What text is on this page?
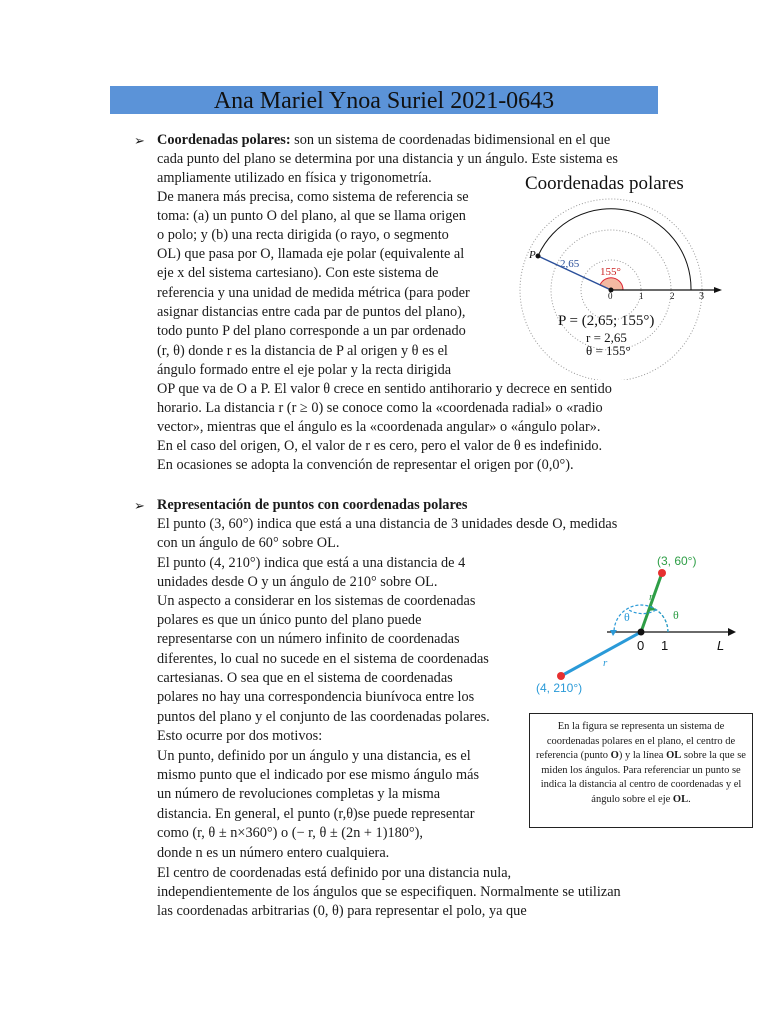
Ana Mariel Ynoa Suriel 2021-0643
➢ Coordenadas polares: son un sistema de coordenadas bidimensional en el que
cada punto del plano se determina por una distancia y un ángulo. Este sistema es
ampliamente utilizado en física y trigonometría.
De manera más precisa, como sistema de referencia se
toma: (a) un punto O del plano, al que se llama origen
o polo; y (b) una recta dirigida (o rayo, o segmento
OL) que pasa por O, llamada eje polar (equivalente al
eje x del sistema cartesiano). Con este sistema de
referencia y una unidad de medida métrica (para poder
asignar distancias entre cada par de puntos del plano),
todo punto P del plano corresponde a un par ordenado
(r, θ) donde r es la distancia de P al origen y θ es el
ángulo formado entre el eje polar y la recta dirigida
OP que va de O a P. El valor θ crece en sentido antihorario y decrece en sentido
horario. La distancia r (r ≥ 0) se conoce como la «coordenada radial» o «radio
vector», mientras que el ángulo es la «coordenada angular» o «ángulo polar».
En el caso del origen, O, el valor de r es cero, pero el valor de θ es indefinido.
En ocasiones se adopta la convención de representar el origen por (0,0°).
Coordenadas polares
P
2,65
155°
0	1	2 3
P = (2,65; 155°)
r = 2,65
θ = 155°
➢ Representación de puntos con coordenadas polares
El punto (3, 60°) indica que está a una distancia de 3 unidades desde O, medidas
con un ángulo de 60° sobre OL.
El punto (4, 210°) indica que está a una distancia de 4
unidades desde O y un ángulo de 210° sobre OL.
Un aspecto a considerar en los sistemas de coordenadas
polares es que un único punto del plano puede
representarse con un número infinito de coordenadas
diferentes, lo cual no sucede en el sistema de coordenadas
cartesianas. O sea que en el sistema de coordenadas
polares no hay una correspondencia biunívoca entre los
puntos del plano y el conjunto de las coordenadas polares.
Esto ocurre por dos motivos:
Un punto, definido por un ángulo y una distancia, es el
mismo punto que el indicado por ese mismo ángulo más
un número de revoluciones completas y la misma
distancia. En general, el punto (r,θ)se puede representar
como (r, θ ± n×360°) o (− r, θ ± (2n + 1)180°),
donde n es un número entero cualquiera.
El centro de coordenadas está definido por una distancia nula,
independientemente de los ángulos que se especifiquen. Normalmente se utilizan
las coordenadas arbitrarias (0, θ) para representar el polo, ya que
(3, 60°)
(4, 210°)
r
θ
θ
r
0 1	L
En la figura se representa un sistema de coordenadas polares en el plano, el centro de referencia (punto O) y la línea OL sobre la que se miden los ángulos. Para referenciar un punto se indica la distancia al centro de coordenadas y el ángulo sobre el eje OL.
